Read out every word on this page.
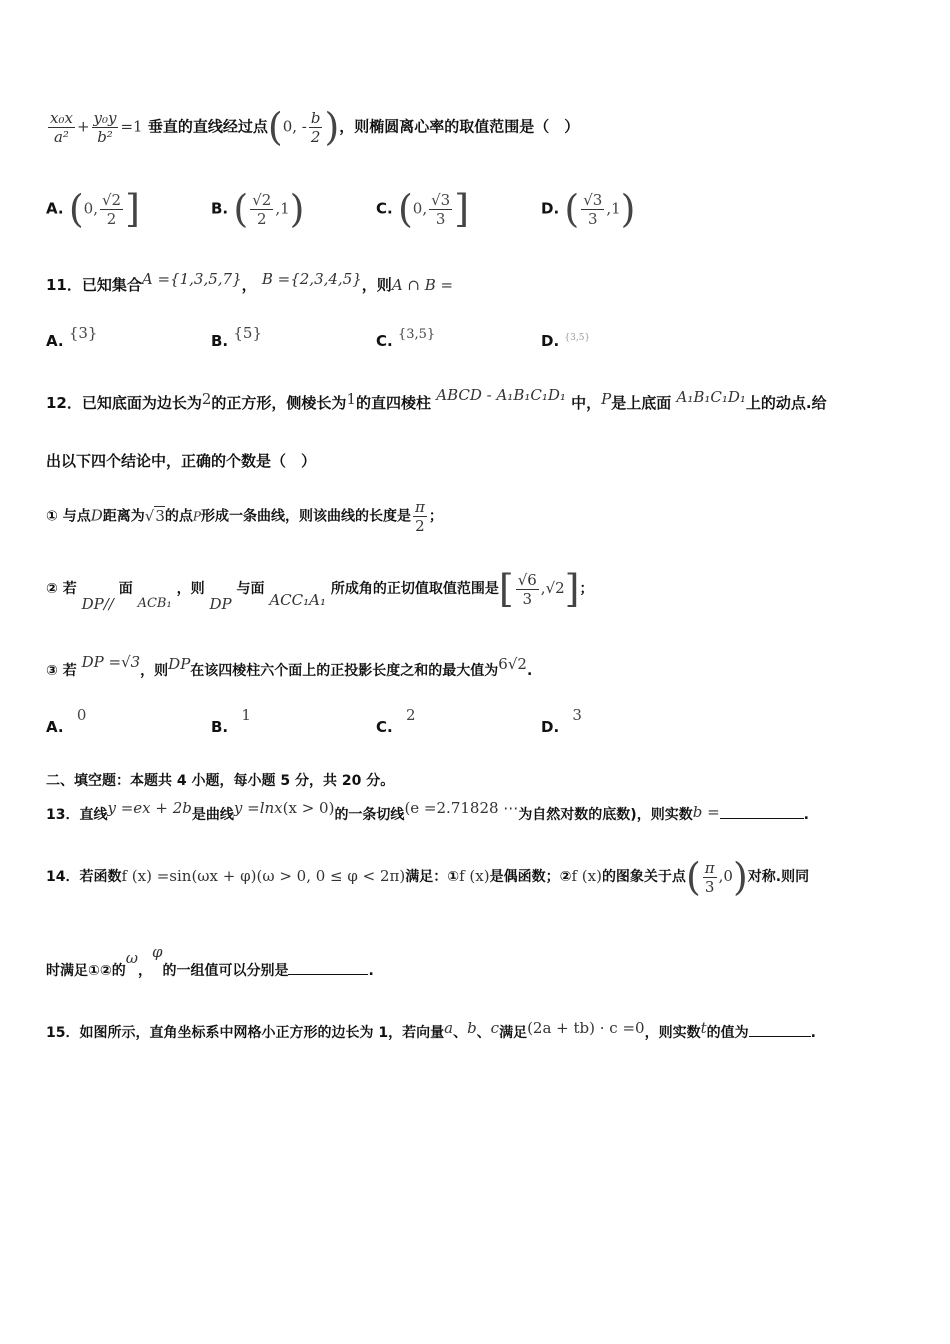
$\frac{\text{x₀x}}{\text{a²}} + \frac{\text{y₀y}}{\text{b²}} =1$ 垂直的直线经过点(0, - $\frac{b}{2}$ )，则椭圆离心率的取值范围是（　）
A. (0, $\frac{√2}{2}$ ]	B. ( $\frac{√2}{2} ,1$)	C. (0, $\frac{√3}{3}$ ]	D. ( $\frac{√3}{3} ,1$)
11．已知集合A ={1,3,5,7}， B ={2,3,4,5}，则A ∩ B =
A. {3}	B. {5}	C. {3,5}	D. $^{\{3,5\}}$
12．已知底面为边长为2的正方形，侧棱长为1的直四棱柱 ABCD - A₁B₁C₁D₁ 中，P是上底面 A₁B₁C₁D₁上的动点.给
出以下四个结论中，正确的个数是（　）
① 与点D距离为√3的点P形成一条曲线，则该曲线的长度是 $\frac{\pi}{2}$ ；
② 若 DP// 面 ACB₁ ，则 DP 与面 ACC₁A₁ 所成角的正切值取值范围是[ $\frac{√6}{3} ,√2$]；
③ 若 DP =√3，则DP在该四棱柱六个面上的正投影长度之和的最大值为6√2.
A. 0
B. 1
C. 2
D. 3
二、填空题：本题共 4 小题，每小题 5 分，共 20 分。
13．直线y =ex + 2b是曲线y =lnx(x > 0)的一条切线(e =2.71828 ⋯为自然对数的底数)，则实数b =	.
14．若函数f (x) =sin(ωx + φ)(ω > 0, 0 ≤ φ < 2π)满足：①f (x)是偶函数；②f (x)的图象关于点( $\frac{\pi}{3} ,0$)对称.则同
时满足①②的ω，φ的一组值可以分别是	.
15．如图所示，直角坐标系中网格小正方形的边长为 1，若向量a、b、c满足(2a + tb) · c =0，则实数t的值为	.
